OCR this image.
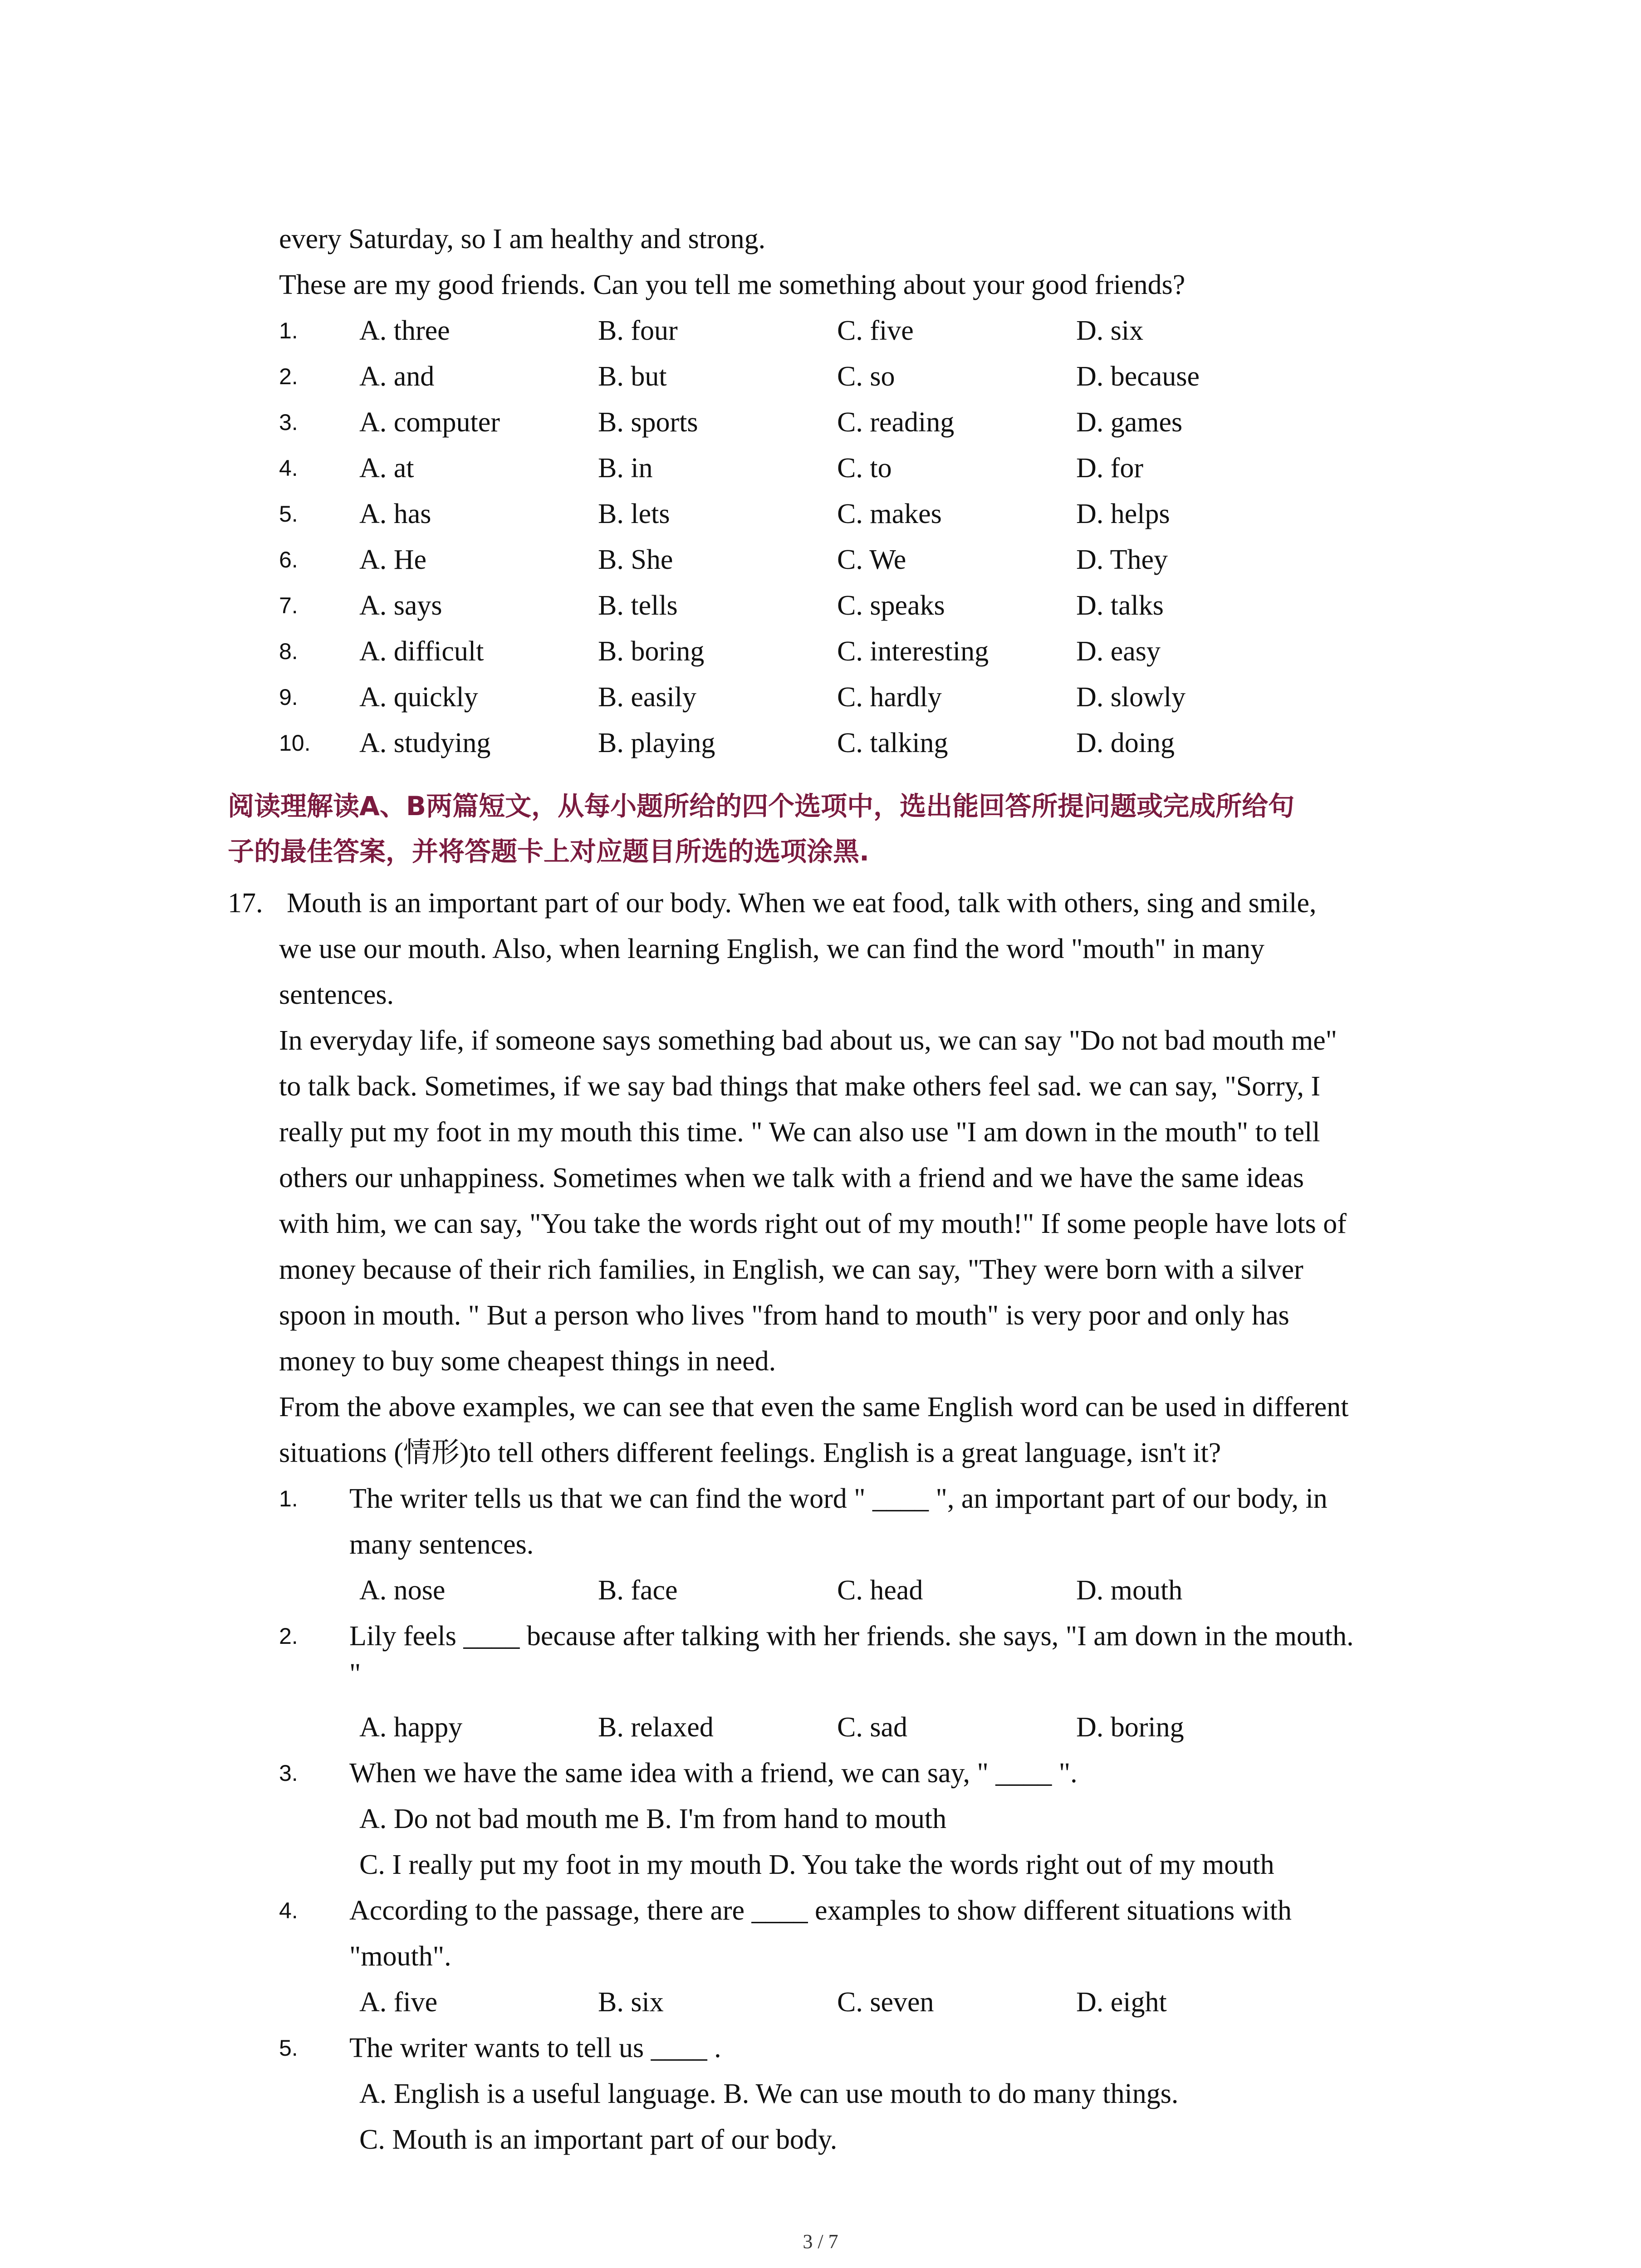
every Saturday, so I am healthy and strong.
These are my good friends. Can you tell me something about your good friends?
1. A. three	B. four	C. five	D. six
2. A. and	B. but	C. so	D. because
3. A. computer	B. sports	C. reading	D. games
4. A. at	B. in	C. to	D. for
5. A. has	B. lets	C. makes	D. helps
6. A. He	B. She	C. We	D. They
7. A. says	B. tells	C. speaks	D. talks
8. A. difficult	B. boring	C. interesting	D. easy
9. A. quickly	B. easily	C. hardly	D. slowly
10. A. studying	B. playing	C. talking	D. doing
阅读理解读A、B两篇短文，从每小题所给的四个选项中，选出能回答所提问题或完成所给句
子的最佳答案，并将答题卡上对应题目所选的选项涂黑.
17. Mouth is an important part of our body. When we eat food, talk with others, sing and smile,
we use our mouth. Also, when learning English, we can find the word "mouth" in many
sentences.
In everyday life, if someone says something bad about us, we can say "Do not bad mouth me"
to talk back. Sometimes, if we say bad things that make others feel sad. we can say, "Sorry, I
really put my foot in my mouth this time. " We can also use "I am down in the mouth" to tell
others our unhappiness. Sometimes when we talk with a friend and we have the same ideas
with him, we can say, "You take the words right out of my mouth!" If some people have lots of
money because of their rich families, in English, we can say, "They were born with a silver
spoon in mouth. " But a person who lives "from hand to mouth" is very poor and only has
money to buy some cheapest things in need.
From the above examples, we can see that even the same English word can be used in different
situations (情形)to tell others different feelings. English is a great language, isn't it?
1. The writer tells us that we can find the word " ____ ", an important part of our body, in
many sentences.
A. nose	B. face	C. head	D. mouth
2. Lily feels ____ because after talking with her friends. she says, "I am down in the mouth.
"
A. happy	B. relaxed	C. sad	D. boring
3. When we have the same idea with a friend, we can say, " ____ ".
A. Do not bad mouth me B. I'm from hand to mouth
C. I really put my foot in my mouth D. You take the words right out of my mouth
4. According to the passage, there are ____ examples to show different situations with
"mouth".
A. five	B. six	C. seven	D. eight
5. The writer wants to tell us ____ .
A. English is a useful language. B. We can use mouth to do many things.
C. Mouth is an important part of our body.
3 / 7
